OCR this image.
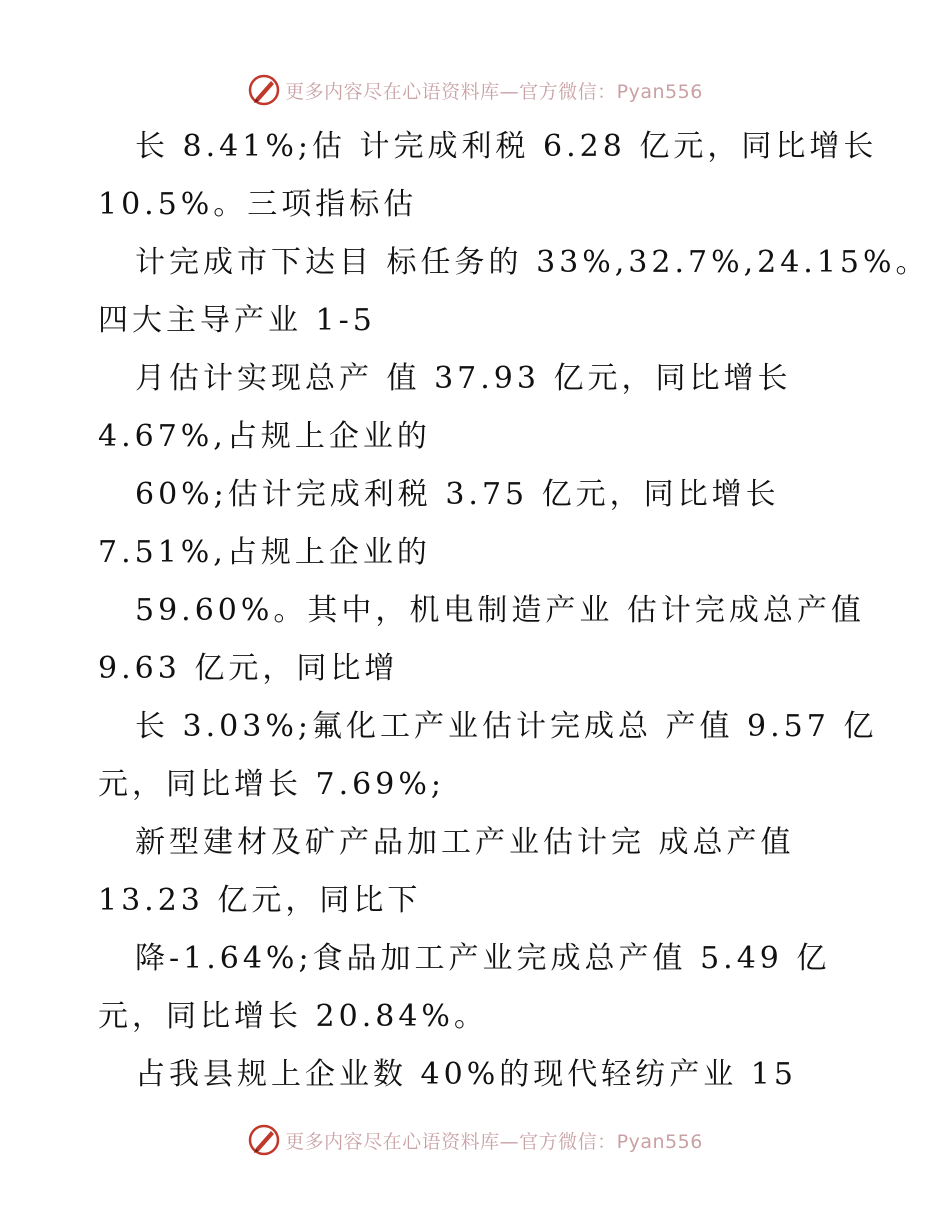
更多内容尽在心语资料库—官方微信：Pyan556
长 8.41%;估 计完成利税 6.28 亿元，同比增长
10.5%。三项指标估
计完成市下达目 标任务的 33%,32.7%,24.15%。
四大主导产业 1-5
月估计实现总产 值 37.93 亿元，同比增长
4.67%,占规上企业的
60%;估计完成利税 3.75 亿元，同比增长
7.51%,占规上企业的
59.60%。其中，机电制造产业 估计完成总产值
9.63 亿元，同比增
长 3.03%;氟化工产业估计完成总 产值 9.57 亿
元，同比增长 7.69%;
新型建材及矿产品加工产业估计完 成总产值
13.23 亿元，同比下
降-1.64%;食品加工产业完成总产值 5.49 亿
元，同比增长 20.84%。
占我县规上企业数 40%的现代轻纺产业 15
更多内容尽在心语资料库—官方微信：Pyan556
